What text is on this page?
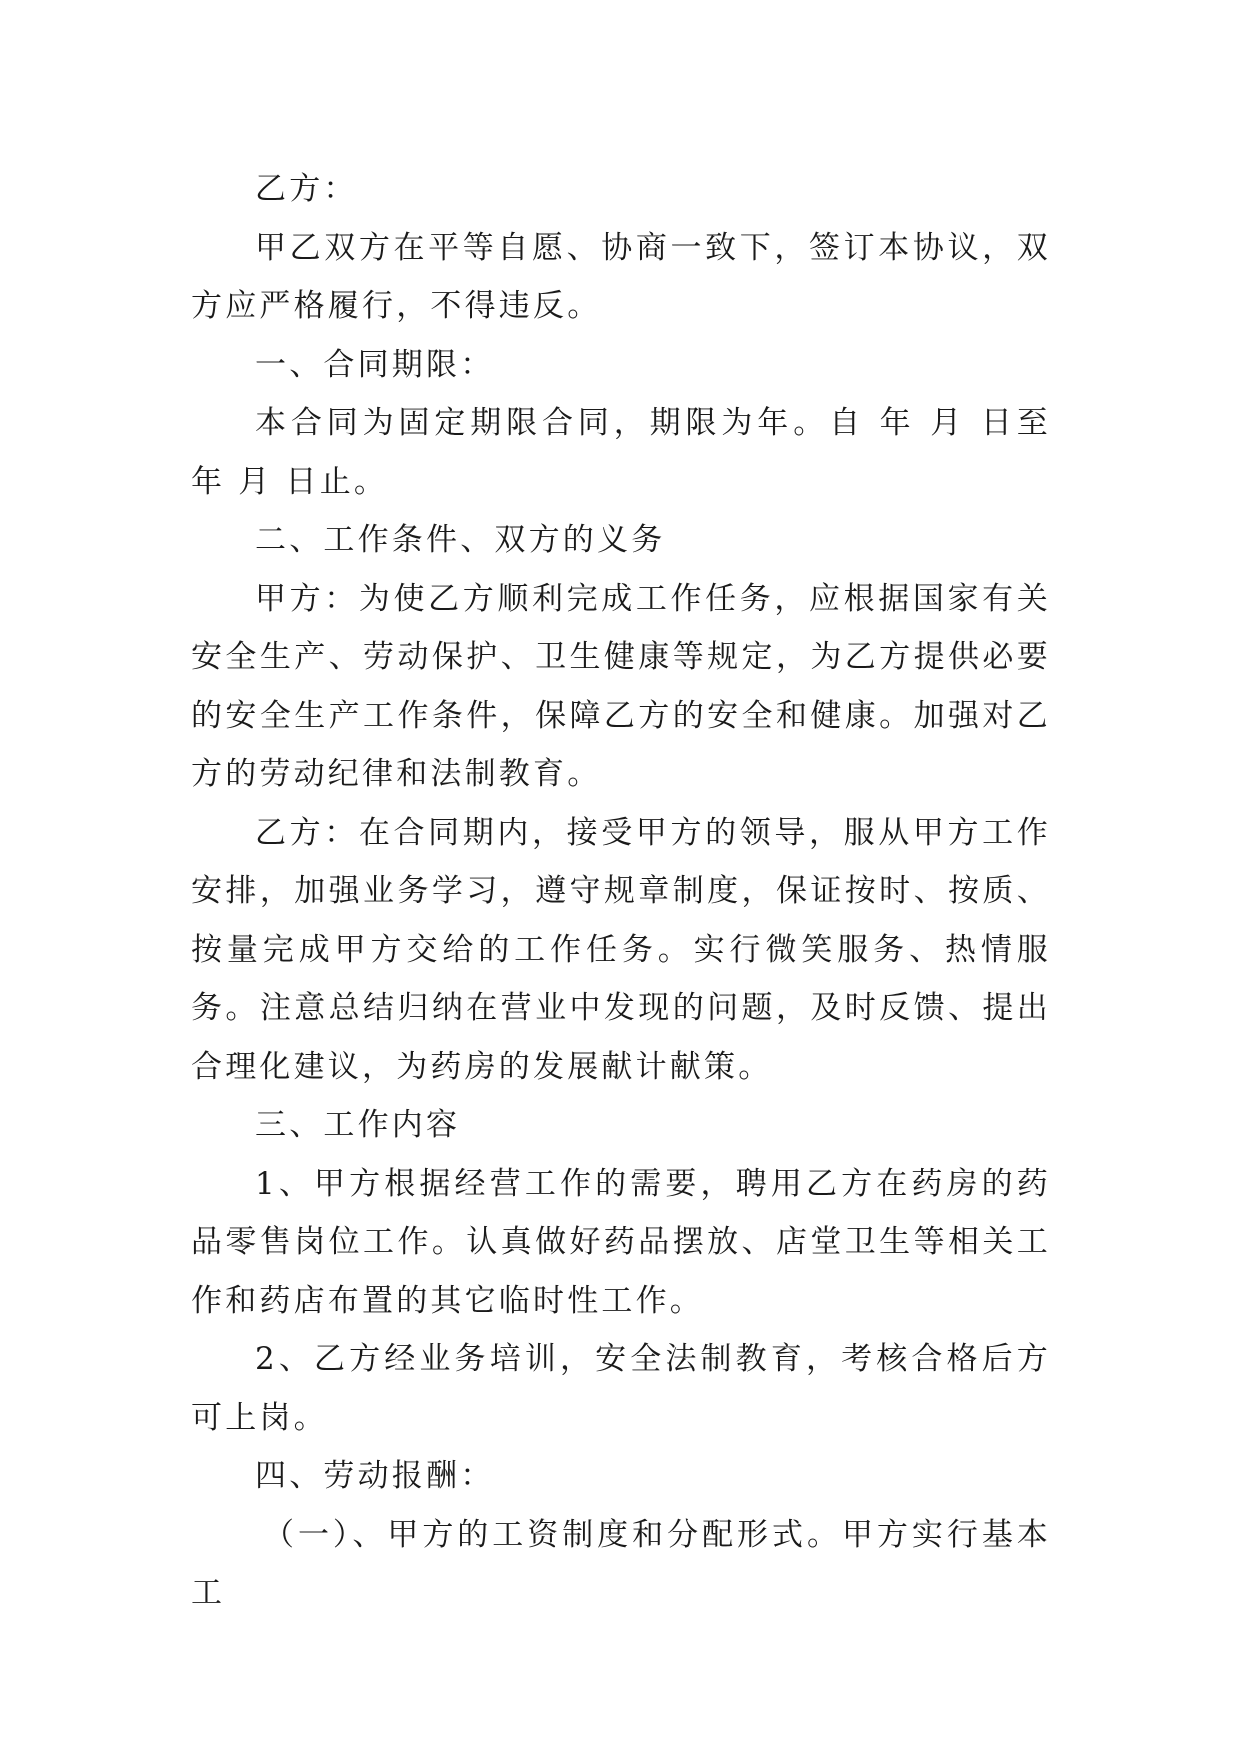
乙方：

甲乙双方在平等自愿、协商一致下，签订本协议，双方应严格履行，不得违反。

一、合同期限：

本合同为固定期限合同，期限为年。自 年 月 日至 年 月 日止。

二、工作条件、双方的义务

甲方：为使乙方顺利完成工作任务，应根据国家有关安全生产、劳动保护、卫生健康等规定，为乙方提供必要的安全生产工作条件，保障乙方的安全和健康。加强对乙方的劳动纪律和法制教育。

乙方：在合同期内，接受甲方的领导，服从甲方工作安排，加强业务学习，遵守规章制度，保证按时、按质、按量完成甲方交给的工作任务。实行微笑服务、热情服务。注意总结归纳在营业中发现的问题，及时反馈、提出合理化建议，为药房的发展献计献策。

三、工作内容

1、甲方根据经营工作的需要，聘用乙方在药房的药品零售岗位工作。认真做好药品摆放、店堂卫生等相关工作和药店布置的其它临时性工作。

2、乙方经业务培训，安全法制教育，考核合格后方可上岗。

四、劳动报酬：

（一）、甲方的工资制度和分配形式。甲方实行基本工
